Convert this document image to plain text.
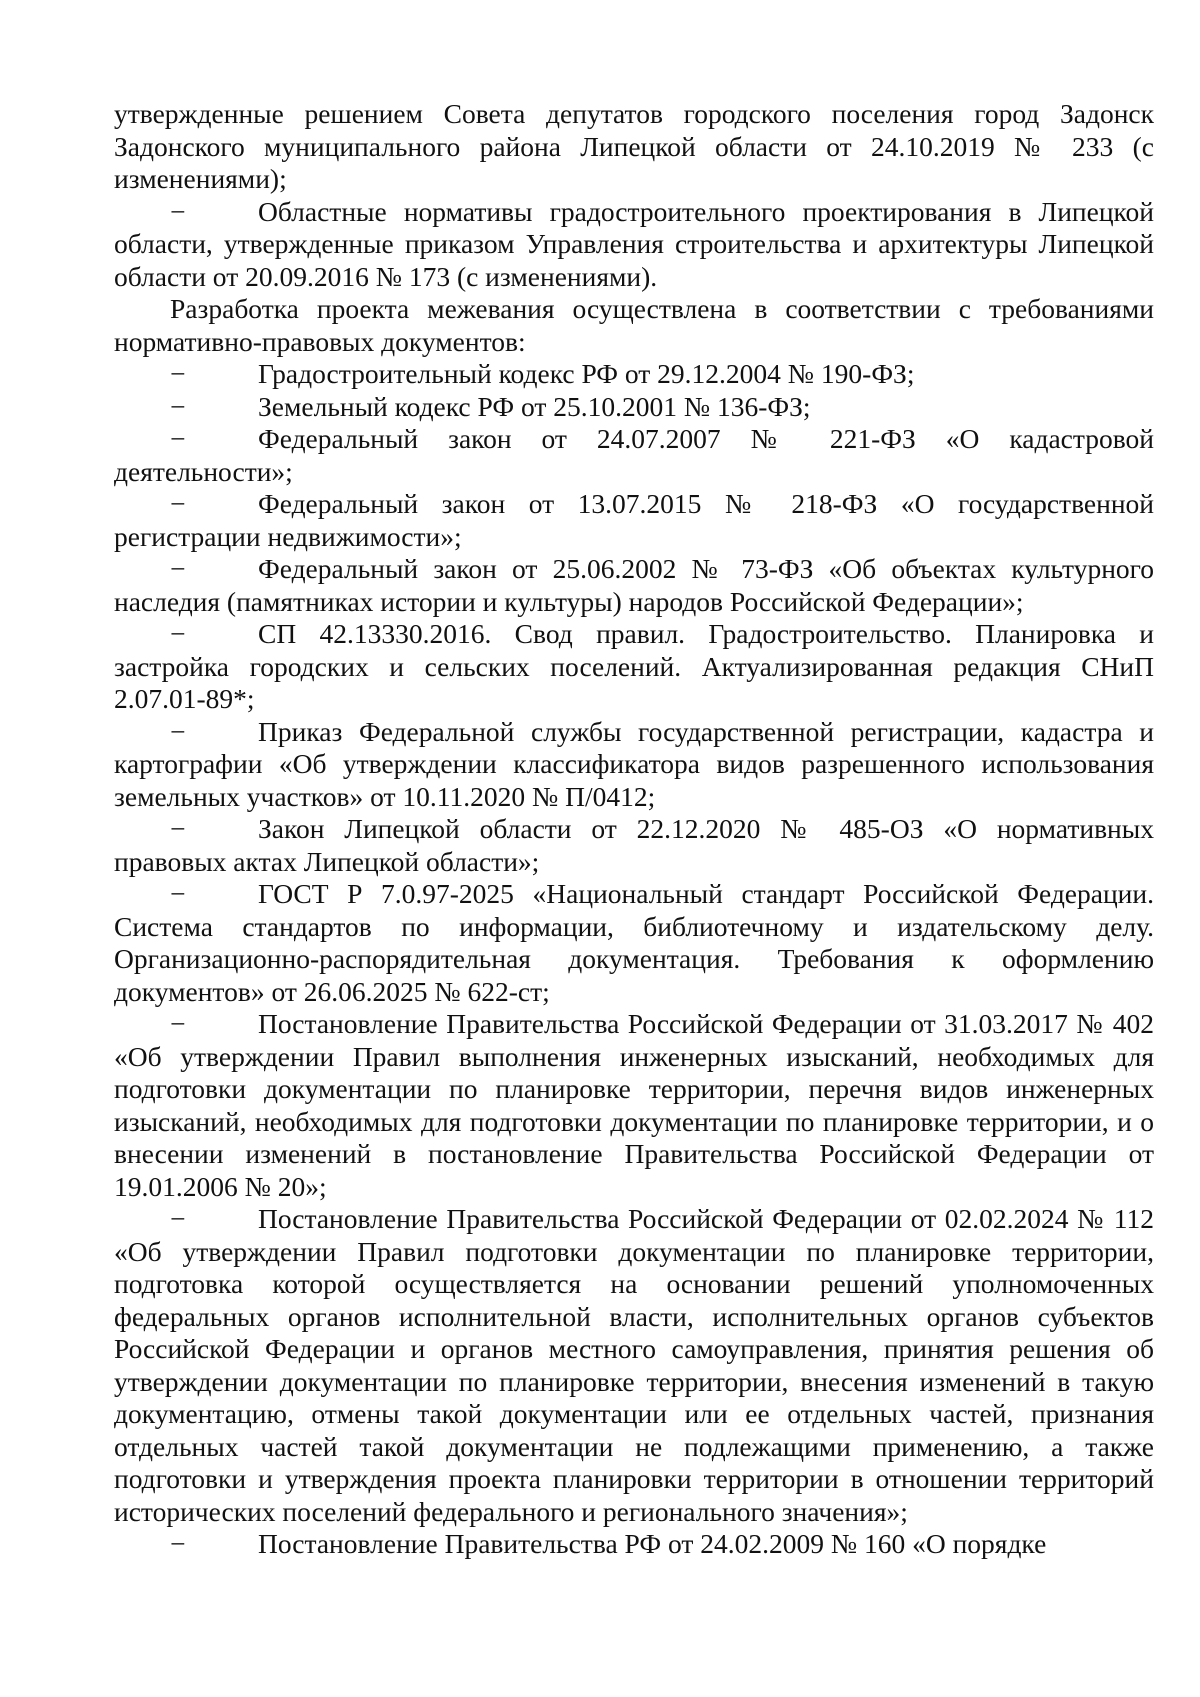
утвержденные решением Совета депутатов городского поселения город Задонск Задонского муниципального района Липецкой области от 24.10.2019 № 233 (с изменениями);

−	Областные нормативы градостроительного проектирования в Липецкой области, утвержденные приказом Управления строительства и архитектуры Липецкой области от 20.09.2016 № 173 (с изменениями).

Разработка проекта межевания осуществлена в соответствии с требованиями нормативно-правовых документов:

−	Градостроительный кодекс РФ от 29.12.2004 № 190-ФЗ;

−	Земельный кодекс РФ от 25.10.2001 № 136-ФЗ;

−	Федеральный закон от 24.07.2007 № 221-ФЗ «О кадастровой деятельности»;

−	Федеральный закон от 13.07.2015 № 218-ФЗ «О государственной регистрации недвижимости»;

−	Федеральный закон от 25.06.2002 № 73-ФЗ «Об объектах культурного наследия (памятниках истории и культуры) народов Российской Федерации»;

−	СП 42.13330.2016. Свод правил. Градостроительство. Планировка и застройка городских и сельских поселений. Актуализированная редакция СНиП 2.07.01-89*;

−	Приказ Федеральной службы государственной регистрации, кадастра и картографии «Об утверждении классификатора видов разрешенного использования земельных участков» от 10.11.2020 № П/0412;

−	Закон Липецкой области от 22.12.2020 № 485-ОЗ «О нормативных правовых актах Липецкой области»;

−	ГОСТ Р 7.0.97-2025 «Национальный стандарт Российской Федерации. Система стандартов по информации, библиотечному и издательскому делу. Организационно-распорядительная документация. Требования к оформлению документов» от 26.06.2025 № 622-ст;

−	Постановление Правительства Российской Федерации от 31.03.2017 № 402 «Об утверждении Правил выполнения инженерных изысканий, необходимых для подготовки документации по планировке территории, перечня видов инженерных изысканий, необходимых для подготовки документации по планировке территории, и о внесении изменений в постановление Правительства Российской Федерации от 19.01.2006 № 20»;

−	Постановление Правительства Российской Федерации от 02.02.2024 № 112 «Об утверждении Правил подготовки документации по планировке территории, подготовка которой осуществляется на основании решений уполномоченных федеральных органов исполнительной власти, исполнительных органов субъектов Российской Федерации и органов местного самоуправления, принятия решения об утверждении документации по планировке территории, внесения изменений в такую документацию, отмены такой документации или ее отдельных частей, признания отдельных частей такой документации не подлежащими применению, а также подготовки и утверждения проекта планировки территории в отношении территорий исторических поселений федерального и регионального значения»;

−	Постановление Правительства РФ от 24.02.2009 № 160 «О порядке
